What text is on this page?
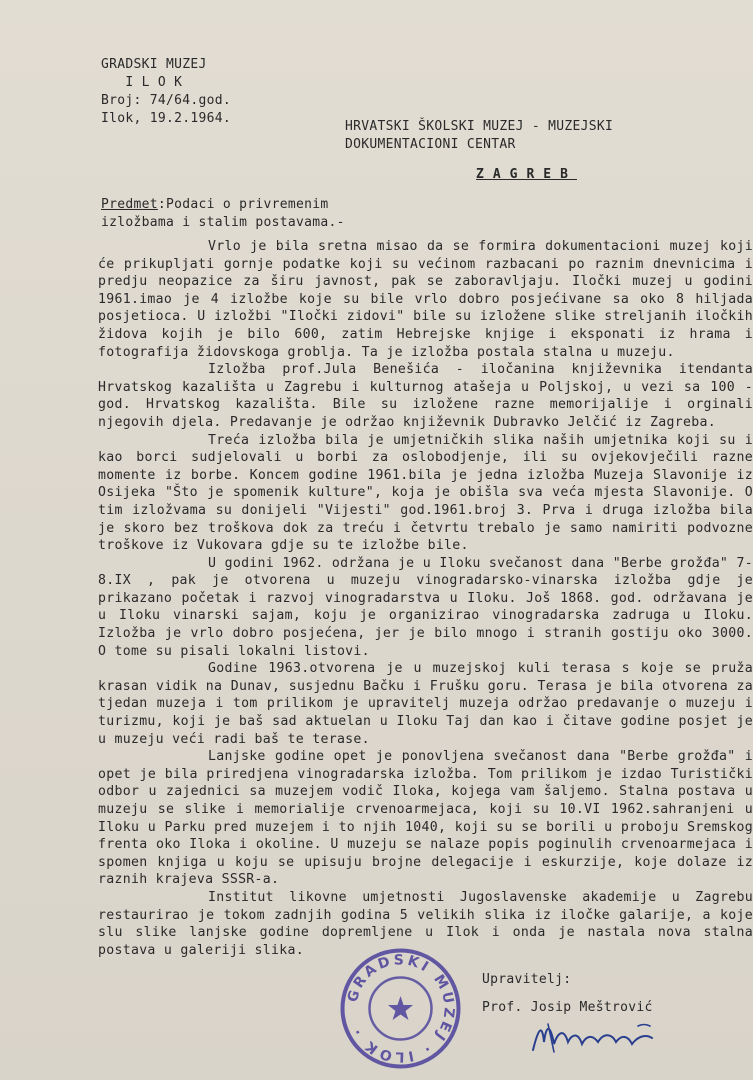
GRADSKI MUZEJ
I L O K
Broj: 74/64.god.
Ilok, 19.2.1964.
HRVATSKI ŠKOLSKI MUZEJ - MUZEJSKI
DOKUMENTACIONI CENTAR
ZAGREB
Predmet:Podaci o privremenim
izložbama i stalim postavama.-

Vrlo je bila sretna misao da se formira dokumentacioni muzej koji će prikupljati gornje podatke koji su većinom razbacani po raznim dnevnicima i predju neopazice za širu javnost, pak se zaboravljaju. Iločki muzej u godini 1961.imao je 4 izložbe koje su bile vrlo dobro posjećivane sa oko 8 hiljada posjetioca. U izložbi "Iločki zidovi" bile su izložene slike streljanih iločkih židova kojih je bilo 600, zatim Hebrejske knjige i eksponati iz hrama i fotografija židovskoga groblja. Ta je izložba postala stalna u muzeju.

Izložba prof.Jula Benešića - iločanina književnika itendanta Hrvatskog kazališta u Zagrebu i kulturnog atašeja u Poljskoj, u vezi sa 100 - god. Hrvatskog kazališta. Bile su izložene razne memorijalije i orginali njegovih djela. Predavanje je održao književnik Dubravko Jelčić iz Zagreba.

Treća izložba bila je umjetničkih slika naših umjetnika koji su i kao borci sudjelovali u borbi za oslobodjenje, ili su ovjekovječili razne momente iz borbe. Koncem godine 1961.bila je jedna izložba Muzeja Slavonije iz Osijeka "Što je spomenik kulture", koja je obišla sva veća mjesta Slavonije. O tim izložvama su donijeli "Vijesti" god.1961.broj 3. Prva i druga izložba bila je skoro bez troškova dok za treću i četvrtu trebalo je samo namiriti podvozne troškove iz Vukovara gdje su te izložbe bile.

U godini 1962. održana je u Iloku svečanost dana "Berbe grožđa" 7-8.IX , pak je otvorena u muzeju vinogradarsko-vinarska izložba gdje je prikazano početak i razvoj vinogradarstva u Iloku. Još 1868. god. održavana je u Iloku vinarski sajam, koju je organizirao vinogradarska zadruga u Iloku. Izložba je vrlo dobro posjećena, jer je bilo mnogo i stranih gostiju oko 3000. O tome su pisali lokalni listovi.

Godine 1963.otvorena je u muzejskoj kuli terasa s koje se pruža krasan vidik na Dunav, susjednu Bačku i Frušku goru. Terasa je bila otvorena za tjedan muzeja i tom prilikom je upravitelj muzeja održao predavanje o muzeju i turizmu, koji je baš sad aktuelan u Iloku Taj dan kao i čitave godine posjet je u muzeju veći radi baš te terase.

Lanjske godine opet je ponovljena svečanost dana "Berbe grožđa" i opet je bila priredjena vinogradarska izložba. Tom prilikom je izdao Turistički odbor u zajednici sa muzejem vodič Iloka, kojega vam šaljemo. Stalna postava u muzeju se slike i memorialije crvenoarmejaca, koji su 10.VI 1962.sahranjeni u Iloku u Parku pred muzejem i to njih 1040, koji su se borili u proboju Sremskog frenta oko Iloka i okoline. U muzeju se nalaze popis poginulih crvenoarmejaca i spomen knjiga u koju se upisuju brojne delegacije i eskurzije, koje dolaze iz raznih krajeva SSSR-a.

Institut likovne umjetnosti Jugoslavenske akademije u Zagrebu restaurirao je tokom zadnjih godina 5 velikih slika iz iločke galarije, a koje slu slike lanjske godine dopremljene u Ilok i onda je nastala nova stalna postava u galeriji slika.

GRADSKI MUZEJ · ILOK ·
Upravitelj:
Prof. Josip Meštrović
